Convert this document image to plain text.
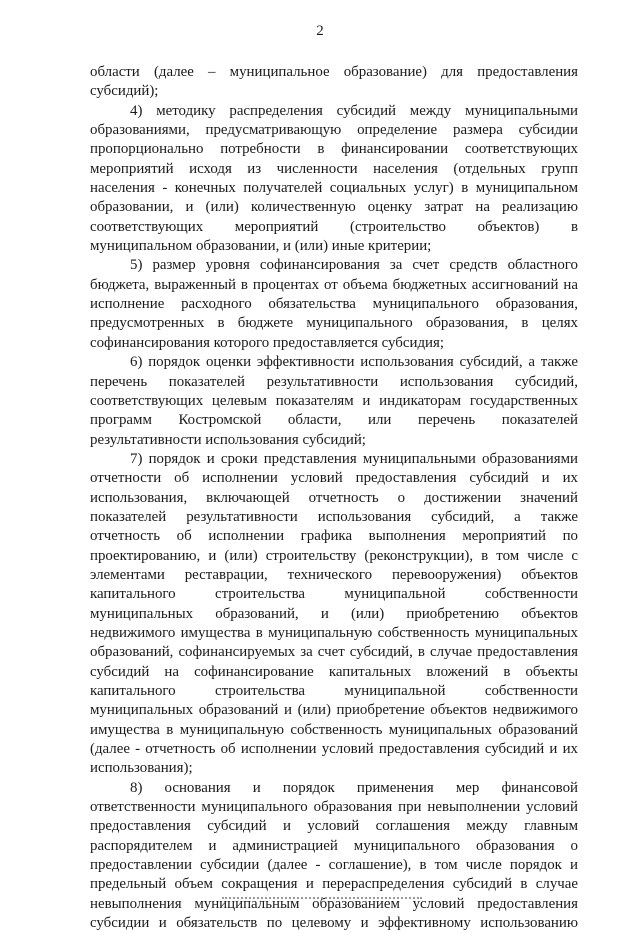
2
области (далее – муниципальное образование) для предоставления
субсидий);
4) методику распределения субсидий между муниципальными
образованиями, предусматривающую определение размера субсидии
пропорционально потребности в финансировании соответствующих
мероприятий исходя из численности населения (отдельных групп
населения - конечных получателей социальных услуг) в муниципальном
образовании, и (или) количественную оценку затрат на реализацию
соответствующих мероприятий (строительство объектов) в
муниципальном образовании, и (или) иные критерии;
5) размер уровня софинансирования за счет средств областного
бюджета, выраженный в процентах от объема бюджетных ассигнований на
исполнение расходного обязательства муниципального образования,
предусмотренных в бюджете муниципального образования, в целях
софинансирования которого предоставляется субсидия;
6) порядок оценки эффективности использования субсидий, а также
перечень показателей результативности использования субсидий,
соответствующих целевым показателям и индикаторам государственных
программ Костромской области, или перечень показателей
результативности использования субсидий;
7) порядок и сроки представления муниципальными образованиями
отчетности об исполнении условий предоставления субсидий и их
использования, включающей отчетность о достижении значений
показателей результативности использования субсидий, а также
отчетность об исполнении графика выполнения мероприятий по
проектированию, и (или) строительству (реконструкции), в том числе с
элементами реставрации, технического перевооружения) объектов
капитального строительства муниципальной собственности
муниципальных образований, и (или) приобретению объектов
недвижимого имущества в муниципальную собственность муниципальных
образований, софинансируемых за счет субсидий, в случае предоставления
субсидий на софинансирование капитальных вложений в объекты
капитального строительства муниципальной собственности
муниципальных образований и (или) приобретение объектов недвижимого
имущества в муниципальную собственность муниципальных образований
(далее - отчетность об исполнении условий предоставления субсидий и их
использования);
8) основания и порядок применения мер финансовой
ответственности муниципального образования при невыполнении условий
предоставления субсидий и условий соглашения между главным
распорядителем и администрацией муниципального образования о
предоставлении субсидии (далее - соглашение), в том числе порядок и
предельный объем сокращения и перераспределения субсидий в случае
невыполнения муниципальным образованием условий предоставления
субсидии и обязательств по целевому и эффективному использованию
